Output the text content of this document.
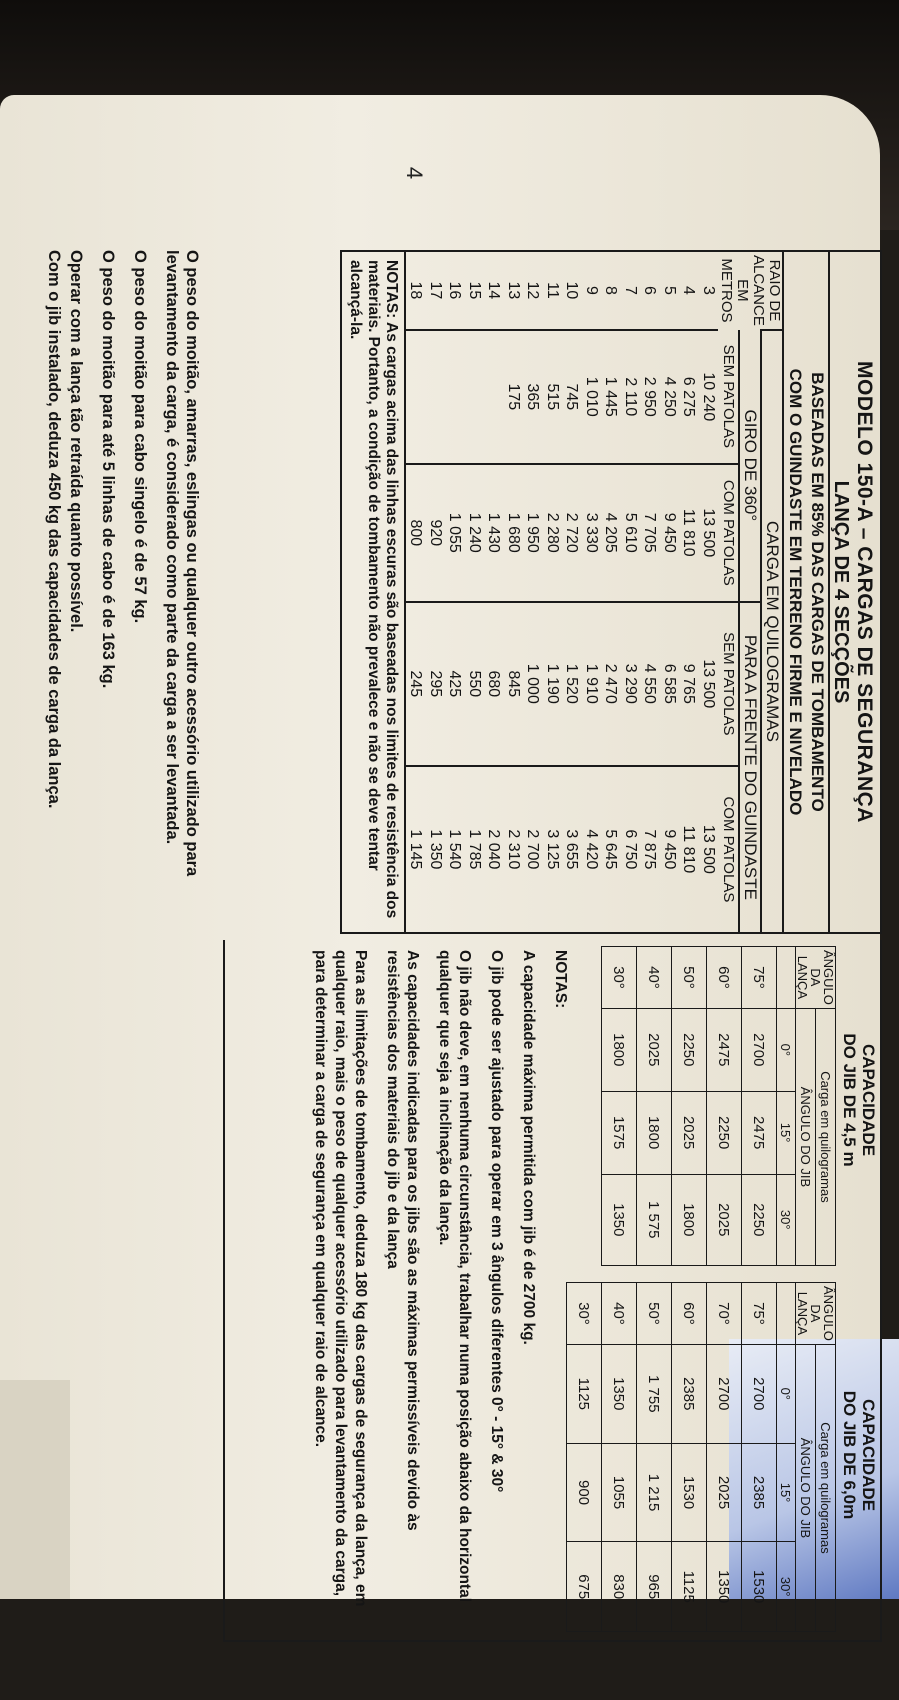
4
MODELO 150-A – CARGAS DE SEGURANÇA
LANÇA DE 4 SECÇÕES
BASEADAS EM 85% DAS CARGAS DE TOMBAMENTO
COM O GUINDASTE EM TERRENO FIRME E NIVELADO
RAIO DE ALCANCE EM METROS	CARGA EM QUILOGRAMAS			
	GIRO DE 360°		PARA A FRENTE DO GUINDASTE	
	SEM PATOLAS	COM PATOLAS	SEM PATOLAS	COM PATOLAS
3	10 240	13 500	13 500	13 500
4	6 275	11 810	9 765	11 810
5	4 250	9 450	6 585	9 450
6	2 950	7 705	4 550	7 875
7	2 110	5 610	3 290	6 750
8	1 445	4 205	2 470	5 645
9	1 010	3 330	1 910	4 420
10	745	2 720	1 520	3 655
11	515	2 280	1 190	3 125
12	365	1 950	1 000	2 700
13	175	1 680	845	2 310
14		1 430	680	2 040
15		1 240	550	1 785
16		1 055	425	1 540
17		920	295	1 350
18		800	245	1 145
NOTAS: As cargas acima das linhas escuras são baseadas nos limites de resistência dos materiais. Portanto, a condição de tombamento não prevalece e não se deve tentar alcançá-la.

O peso do moitão, amarras, eslingas ou qualquer outro acessório utilizado para levantamento da carga, é considerado como parte da carga a ser levantada.

O peso do moitão para cabo singelo é de 57 kg.

O peso do moitão para até 5 linhas de cabo é de 163 kg.

Operar com a lança tão retraída quanto possível.

Com o jib instalado, deduza 450 kg das capacidades de carga da lança.

CAPACIDADE
DO JIB DE 4,5 m
CAPACIDADE
DO JIB DE 6,0m
ÂNGULO DA LANÇA	Carga em quilogramas		
	ÂNGULO DO JIB		
	0°	15°	30°
75°	2700	2475	2250
60°	2475	2250	2025
50°	2250	2025	1800
40°	2025	1800	1 575
30°	1800	1575	1350
ÂNGULO DA LANÇA	Carga em quilogramas		
	ÂNGULO DO JIB		
	0°	15°	30°
75°	2700	2385	1530
70°	2700	2025	1350
60°	2385	1530	1125
50°	1 755	1 215	965
40°	1350	1055	830
30°	1125	900	675

NOTAS:

A capacidade máxima permitida com jib é de 2700 kg.

O jib pode ser ajustado para operar em 3 ângulos diferentes 0° - 15° & 30°

O jib não deve, em nenhuma circunstância, trabalhar numa posição abaixo da horizontal qualquer que seja a inclinação da lança.

As capacidades indicadas para os jibs são as máximas permissíveis devido às resistências dos materiais do jib e da lança

Para as limitações de tombamento, deduza 180 kg das cargas de segurança da lança, em qualquer raio, mais o peso de qualquer acessório utilizado para levantamento da carga, para determinar a carga de segurança em qualquer raio de alcance.
